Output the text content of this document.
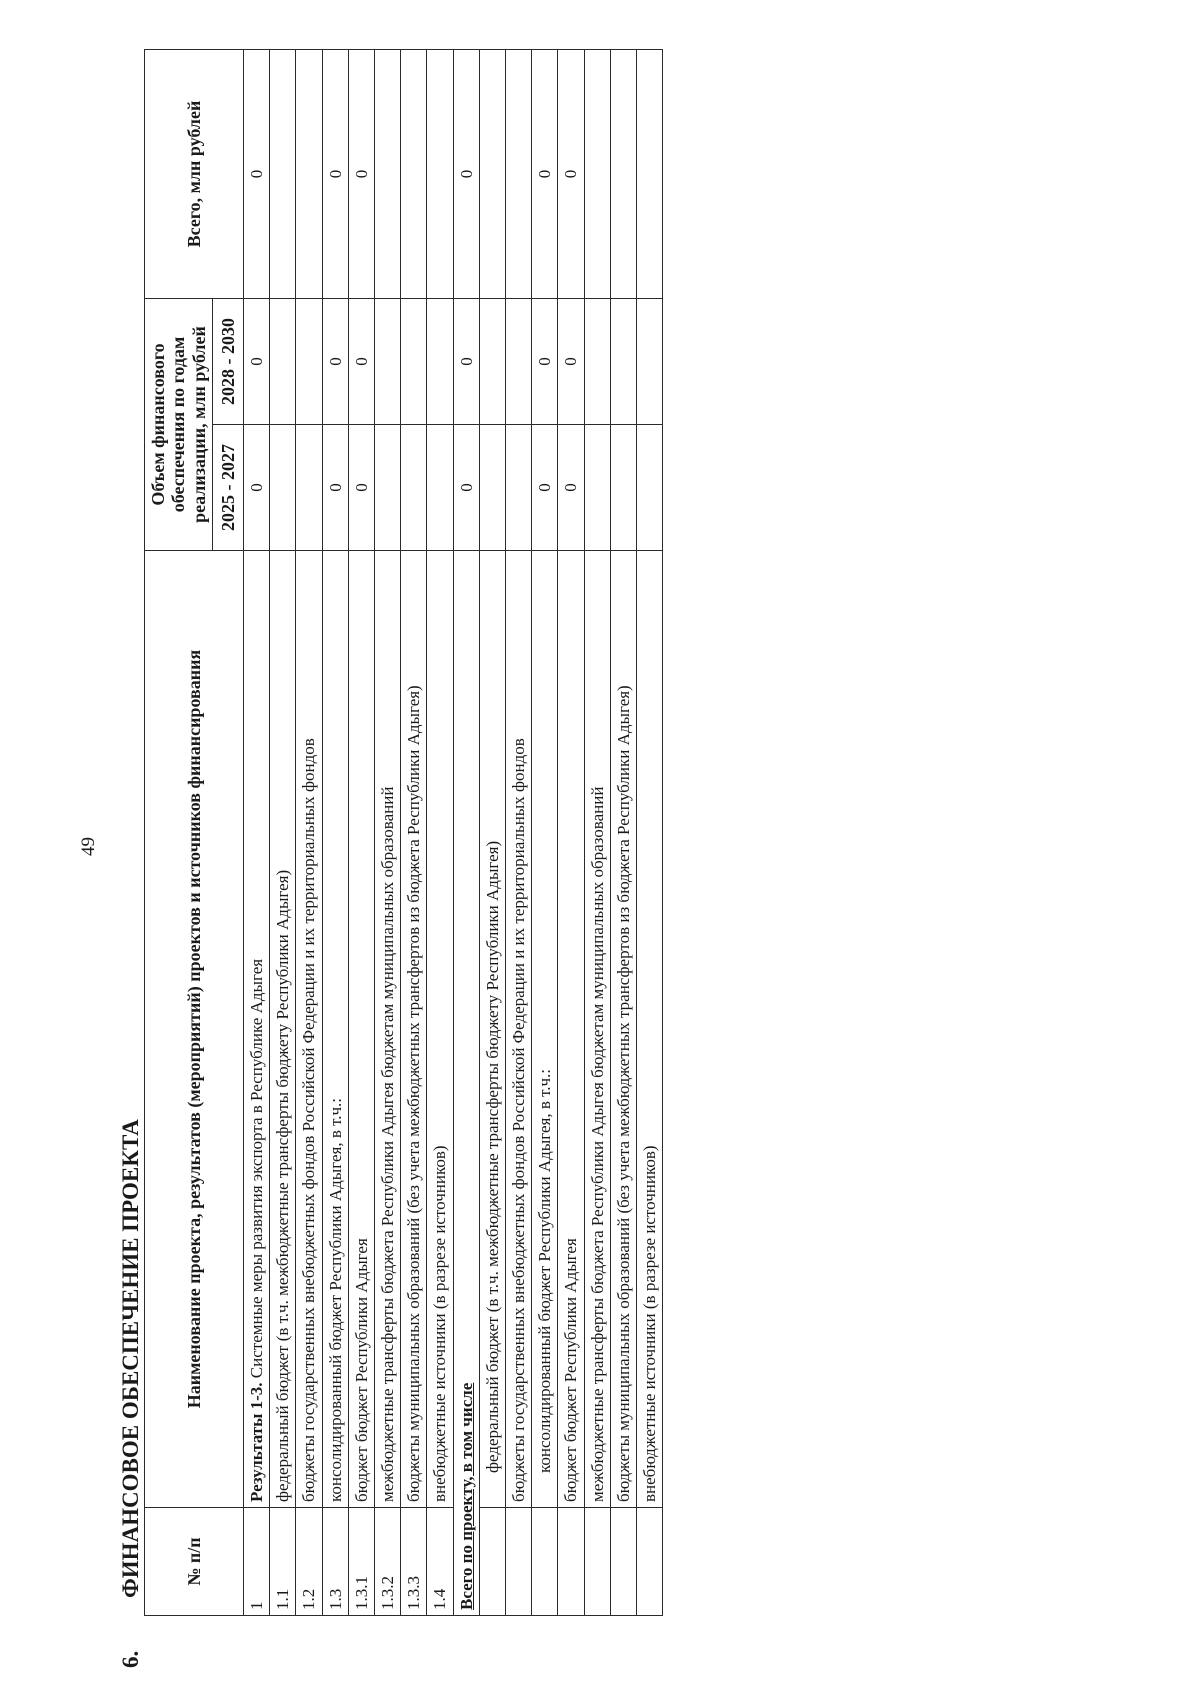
49
6.ФИНАНСОВОЕ ОБЕСПЕЧЕНИЕ ПРОЕКТА № п/п	Наименование проекта, результатов (мероприятий) проектов и источников финансирования	Объем финансового обеспечения по годам реализации, млн рублей		Всего, млн рублей
		2025 - 2027	2028 - 2030	
1	Результаты 1-3. Системные меры развития экспорта в Республике Адыгея	0	0	0
1.1	федеральный бюджет (в т.ч. межбюджетные трансферты бюджету Республики Адыгея)			
1.2	бюджеты государственных внебюджетных фондов Российской Федерации и их территориальных фондов			
1.3	консолидированный бюджет Республики Адыгея, в т.ч.:	0	0	0
1.3.1	бюджет бюджет Республики Адыгея	0	0	0
1.3.2	межбюджетные трансферты бюджета Республики Адыгея бюджетам муниципальных образований			
1.3.3	бюджеты муниципальных образований (без учета межбюджетных трансфертов из бюджета Республики Адыгея)			
1.4	внебюджетные источники (в разрезе источников)			
Всего по проекту, в том числе		0	0	0
	федеральный бюджет (в т.ч. межбюджетные трансферты бюджету Республики Адыгея)			
	бюджеты государственных внебюджетных фондов Российской Федерации и их территориальных фондов			
	консолидированный бюджет Республики Адыгея, в т.ч.:	0	0	0
	бюджет бюджет Республики Адыгея	0	0	0
	межбюджетные трансферты бюджета Республики Адыгея бюджетам муниципальных образований			
	бюджеты муниципальных образований (без учета межбюджетных трансфертов из бюджета Республики Адыгея)			
	внебюджетные источники (в разрезе источников)			
